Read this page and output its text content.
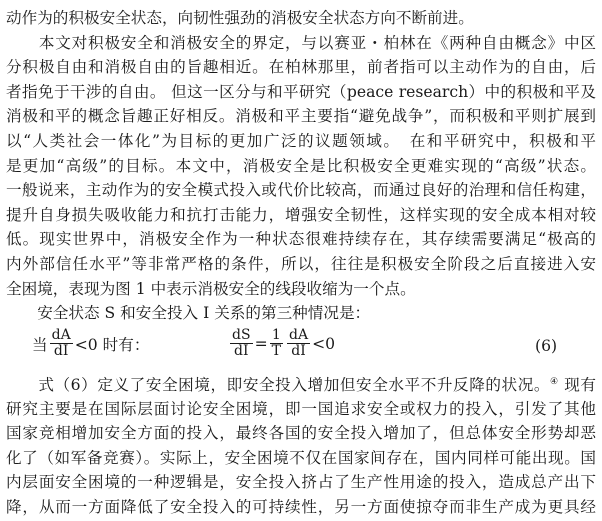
动作为的积极安全状态，向韧性强劲的消极安全状态方向不断前进。
　　本文对积极安全和消极安全的界定，与以赛亚・柏林在《两种自由概念》中区
分积极自由和消极自由的旨趣相近。在柏林那里，前者指可以主动作为的自由，后
者指免于干涉的自由。 但这一区分与和平研究（peace research）中的积极和平及
消极和平的概念旨趣正好相反。消极和平主要指“避免战争”，而积极和平则扩展到
以“人类社会一体化”为目标的更加广泛的议题领域。　在和平研究中，积极和平
是更加“高级”的目标。本文中，消极安全是比积极安全更难实现的“高级”状态。
一般说来，主动作为的安全模式投入或代价比较高，而通过良好的治理和信任构建，
提升自身损失吸收能力和抗打击能力，增强安全韧性，这样实现的安全成本相对较
低。现实世界中，消极安全作为一种状态很难持续存在，其存续需要满足“极高的
内外部信任水平”等非常严格的条件，所以，往往是积极安全阶段之后直接进入安
全困境，表现为图 1 中表示消极安全的线段收缩为一个点。
　　安全状态 S 和安全投入 I 关系的第三种情况是：
当 $\frac{dA}{dI} <0$ 时有：	$\frac{dS}{dI} = \frac{1}{T} \frac{dA}{dI} <0$	(6)
　　式（6）定义了安全困境，即安全投入增加但安全水平不升反降的状况。④ 现有
研究主要是在国际层面讨论安全困境，即一国追求安全或权力的投入，引发了其他
国家竞相增加安全方面的投入，最终各国的安全投入增加了，但总体安全形势却恶
化了（如军备竞赛）。实际上，安全困境不仅在国家间存在，国内同样可能出现。国
内层面安全困境的一种逻辑是，安全投入挤占了生产性用途的投入，造成总产出下
降，从而一方面降低了安全投入的可持续性，另一方面使掠夺而非生产成为更具经
